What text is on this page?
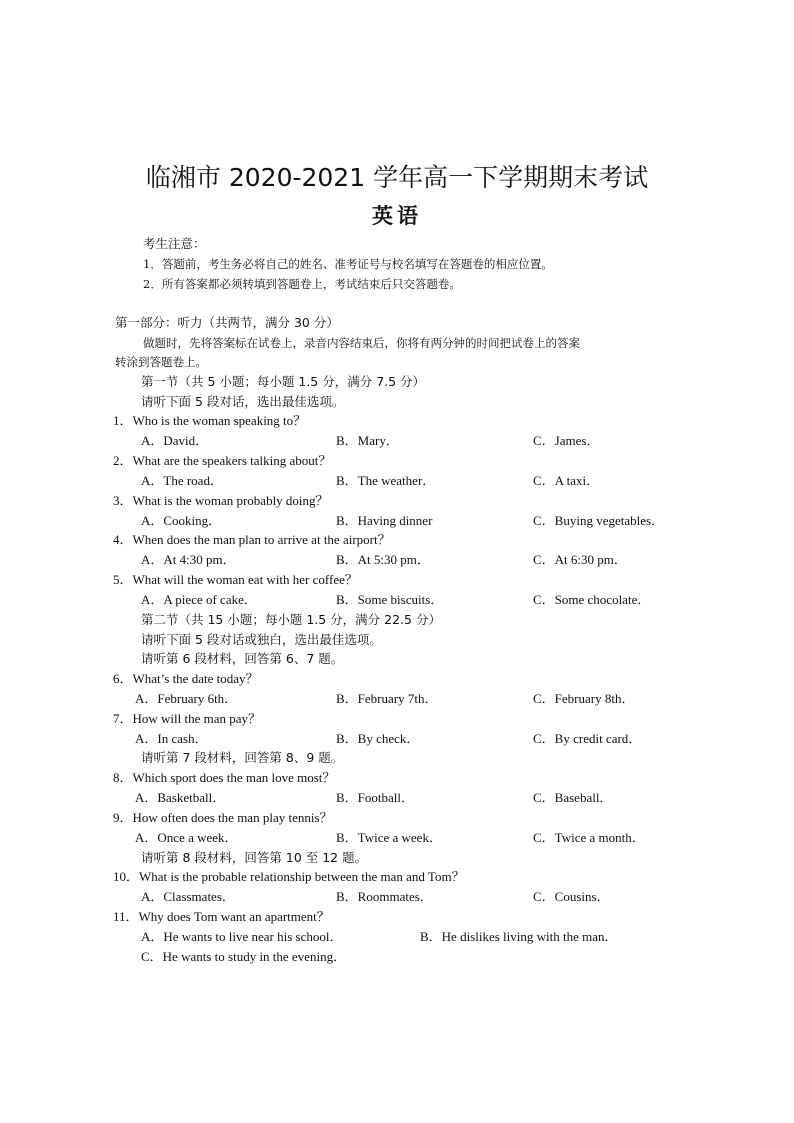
临湘市 2020-2021 学年高一下学期期末考试
英语
考生注意：
1．答题前，考生务必将自己的姓名、准考证号与校名填写在答题卷的相应位置。
2．所有答案都必须转填到答题卷上，考试结束后只交答题卷。
第一部分：听力（共两节，满分 30 分）
做题时，先将答案标在试卷上，录音内容结束后，你将有两分钟的时间把试卷上的答案
转涂到答题卷上。
第一节（共 5 小题；每小题 1.5 分，满分 7.5 分）
请听下面 5 段对话，选出最佳选项。
1．Who is the woman speaking to？
A．David．	B．Mary．	C．James．
2．What are the speakers talking about？
A．The road．	B．The weather．	C．A taxi．
3．What is the woman probably doing？
A．Cooking．	B．Having dinner	C．Buying vegetables．
4．When does the man plan to arrive at the airport？
A．At 4:30 pm．	B．At 5:30 pm．	C．At 6:30 pm．
5．What will the woman eat with her coffee？
A．A piece of cake．	B．Some biscuits．	C．Some chocolate．
第二节（共 15 小题；每小题 1.5 分，满分 22.5 分）
请听下面 5 段对话或独白，选出最佳选项。
请听第 6 段材料，回答第 6、7 题。
6．What’s the date today？
A．February 6th．	B．February 7th．	C．February 8th．
7．How will the man pay？
A．In cash．	B．By check．	C．By credit card．
请听第 7 段材料，回答第 8、9 题。
8．Which sport does the man love most？
A．Basketball．	B．Football．	C．Baseball．
9．How often does the man play tennis？
A．Once a week．	B．Twice a week．	C．Twice a month．
请听第 8 段材料，回答第 10 至 12 题。
10．What is the probable relationship between the man and Tom？
A．Classmates．	B．Roommates．	C．Cousins．
11．Why does Tom want an apartment？
A．He wants to live near his school．	B．He dislikes living with the man．
C．He wants to study in the evening．
